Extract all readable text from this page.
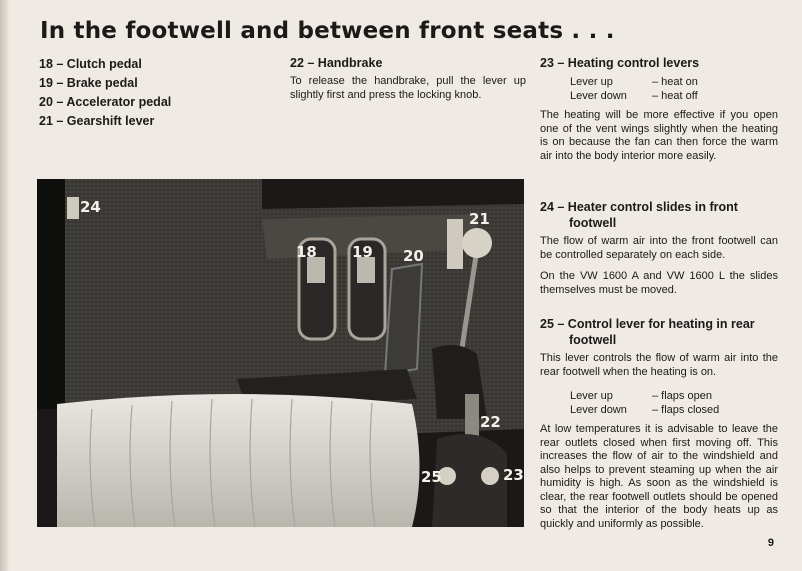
In the footwell and between front seats . . .
18 – Clutch pedal
19 – Brake pedal
20 – Accelerator pedal
21 – Gearshift lever
22 – Handbrake

To release the handbrake, pull the lever up slightly first and press the locking knob.

23 – Heating control levers
Lever up	– heat on
Lever down	– heat off

The heating will be more effective if you open one of the vent wings slightly when the heating is on because the fan can then force the warm air into the body interior more easily.

24
18 19 20
21
22
25	23
24 – Heater control slides in front footwell

The flow of warm air into the front footwell can be controlled separately on each side.

On the VW 1600 A and VW 1600 L the slides themselves must be moved.

25 – Control lever for heating in rear footwell

This lever controls the flow of warm air into the rear footwell when the heating is on.

Lever up	– flaps open
Lever down	– flaps closed

At low temperatures it is advisable to leave the rear outlets closed when first moving off. This increases the flow of air to the windshield and also helps to prevent steaming up when the air humidity is high. As soon as the windshield is clear, the rear footwell outlets should be opened so that the interior of the body heats up as quickly and uniformly as possible.

9
